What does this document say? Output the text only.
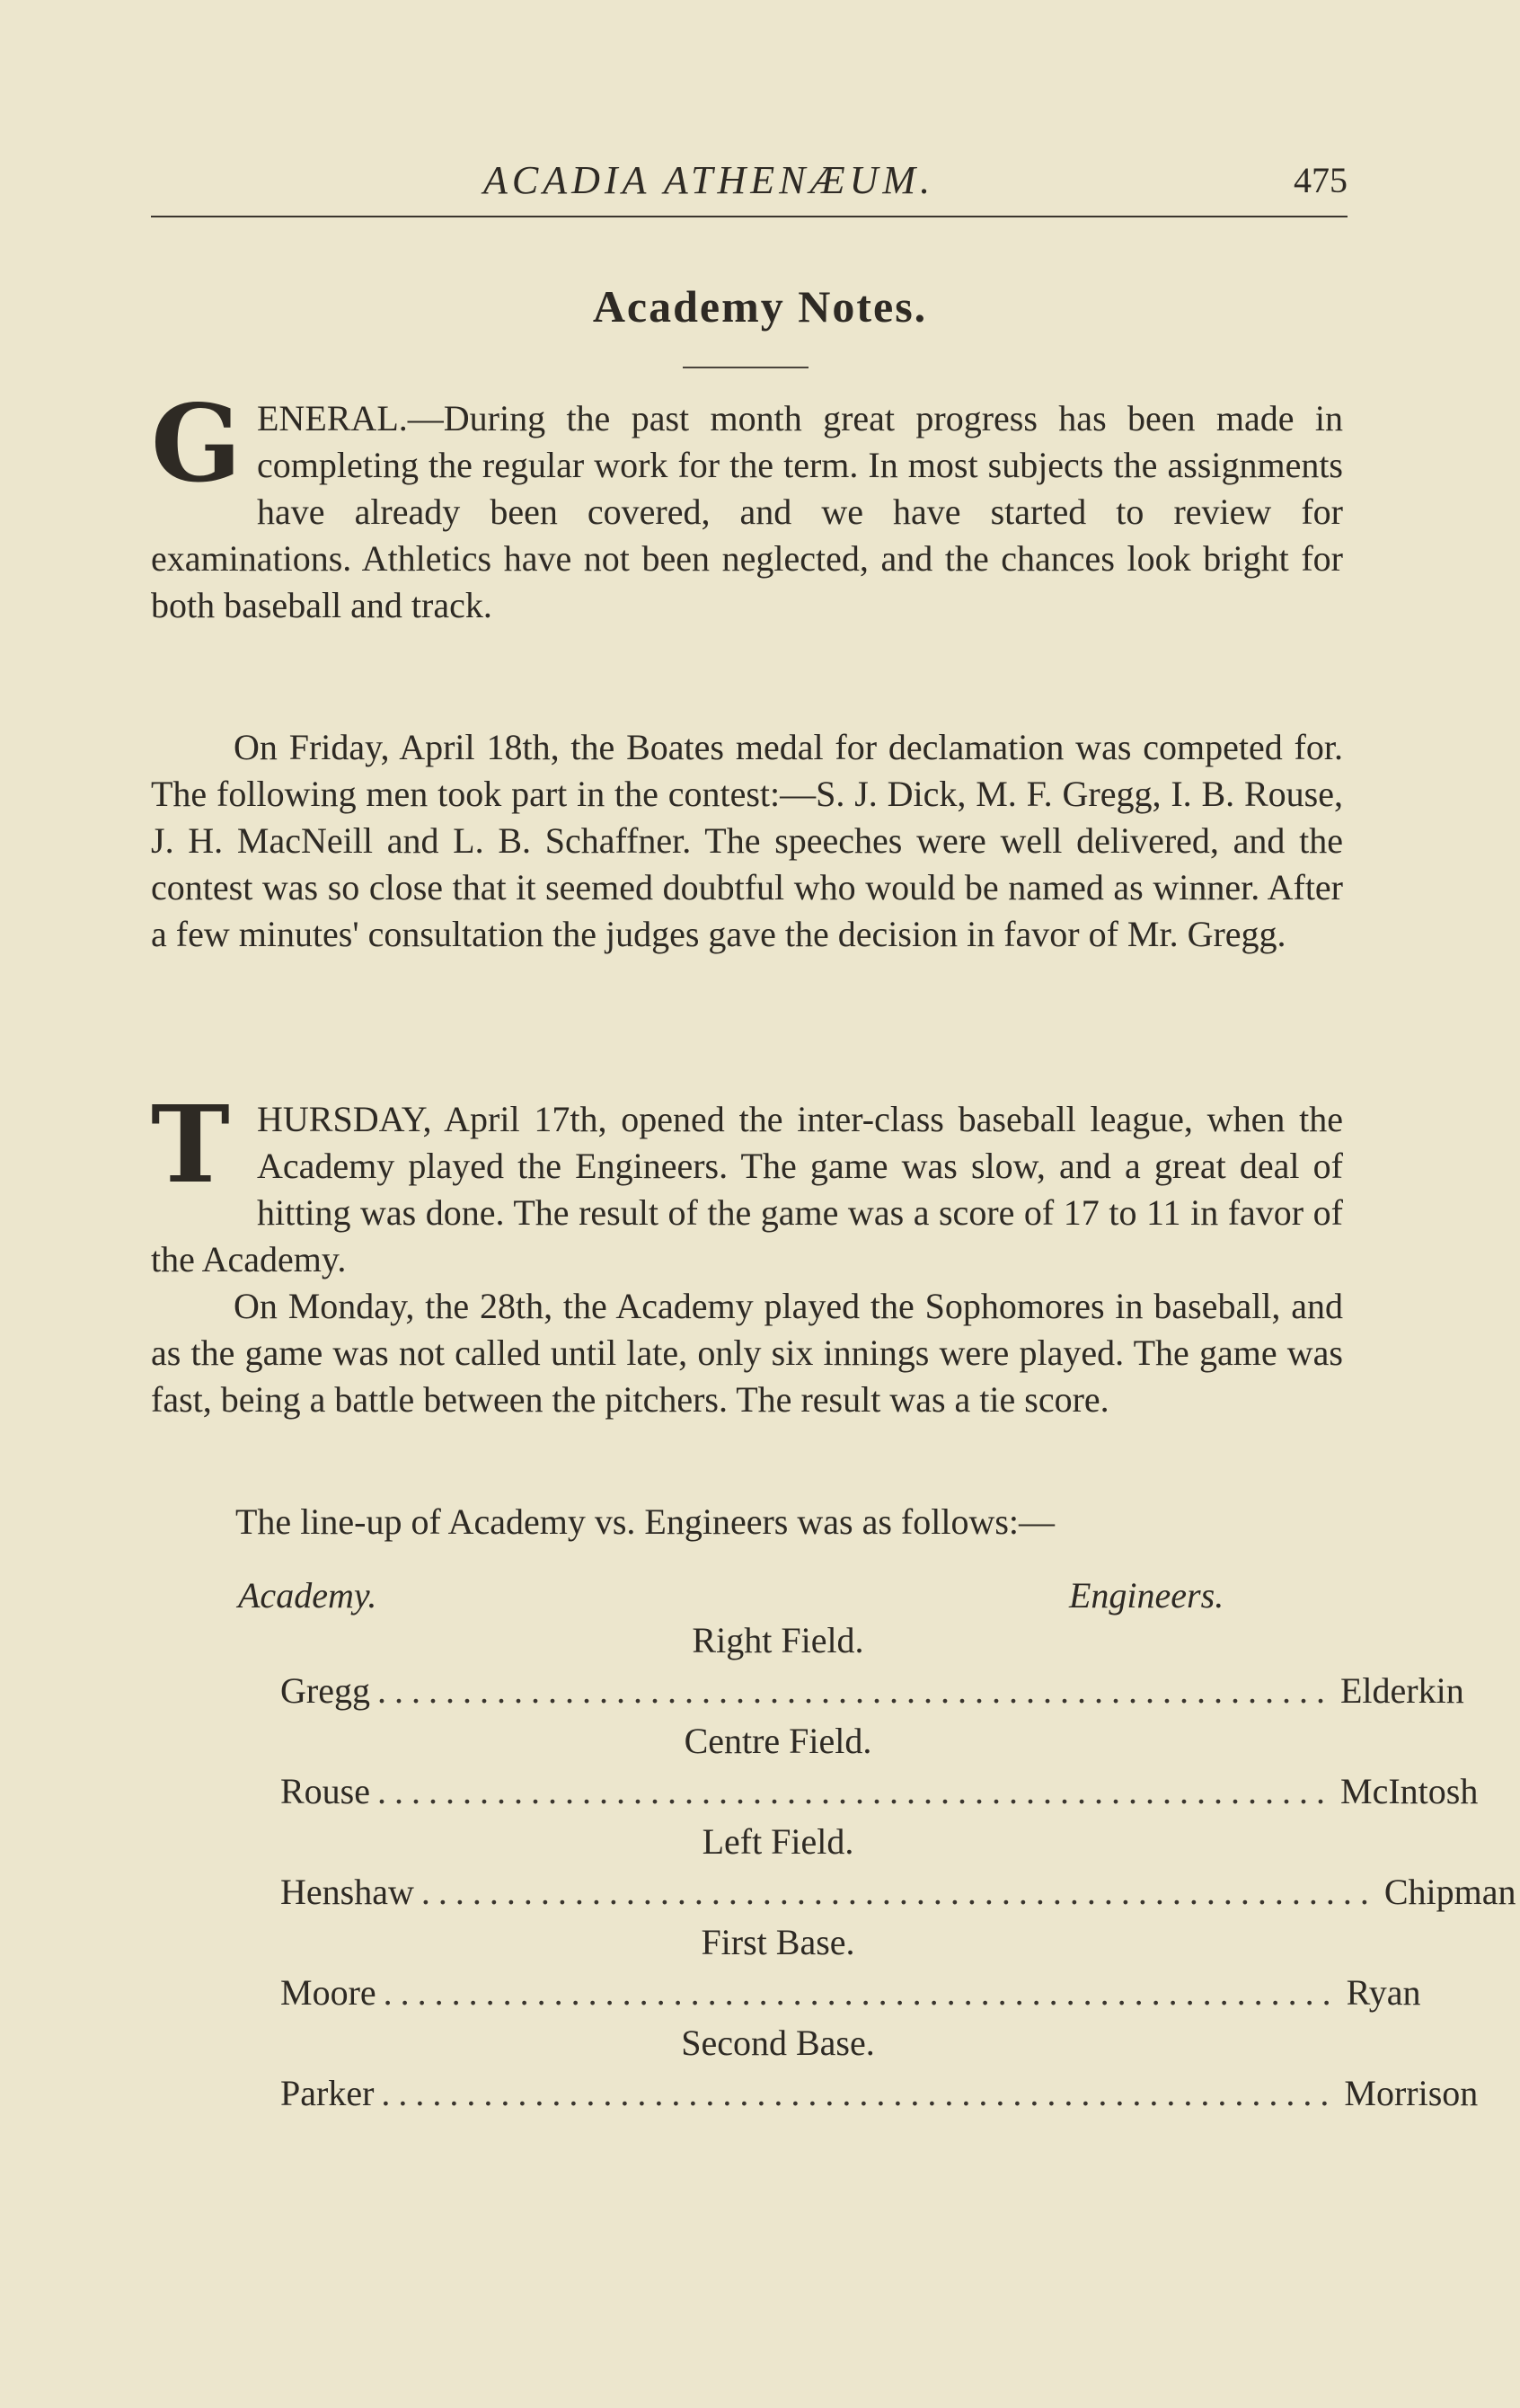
ACADIA ATHENÆUM.	475
Academy Notes.

GENERAL.—During the past month great progress has been made in completing the regular work for the term. In most subjects the assignments have already been covered, and we have started to review for examinations. Athletics have not been neglected, and the chances look bright for both baseball and track.

On Friday, April 18th, the Boates medal for declamation was competed for. The following men took part in the contest:—S. J. Dick, M. F. Gregg, I. B. Rouse, J. H. MacNeill and L. B. Schaffner. The speeches were well delivered, and the contest was so close that it seemed doubtful who would be named as winner. After a few minutes' consultation the judges gave the decision in favor of Mr. Gregg.

THURSDAY, April 17th, opened the inter-class baseball league, when the Academy played the Engineers. The game was slow, and a great deal of hitting was done. The result of the game was a score of 17 to 11 in favor of the Academy.

On Monday, the 28th, the Academy played the Sophomores in baseball, and as the game was not called until late, only six innings were played. The game was fast, being a battle between the pitchers. The result was a tie score.

The line-up of Academy vs. Engineers was as follows:—
Academy.	Engineers.
Right Field.
Gregg ........................................................ Elderkin
Centre Field.
Rouse ........................................................ McIntosh
Left Field.
Henshaw ........................................................ Chipman
First Base.
Moore ........................................................ Ryan
Second Base.
Parker ........................................................ Morrison
